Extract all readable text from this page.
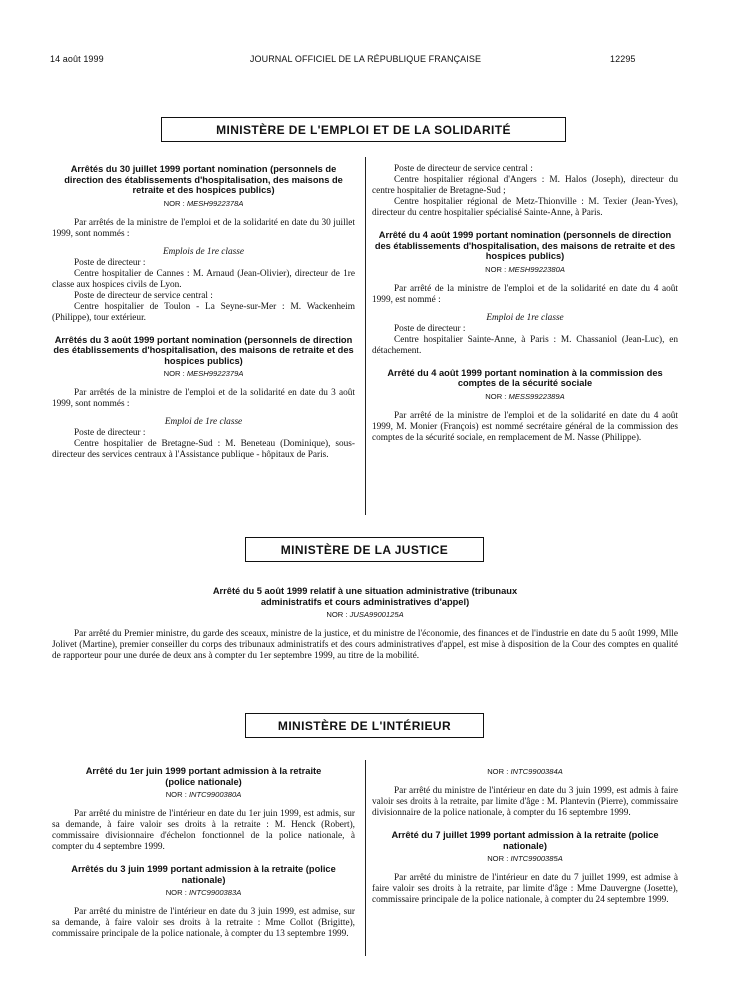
14 août 1999	JOURNAL OFFICIEL DE LA RÉPUBLIQUE FRANÇAISE	12295
MINISTÈRE DE L'EMPLOI ET DE LA SOLIDARITÉ
Arrêtés du 30 juillet 1999 portant nomination (personnels de direction des établissements d'hospitalisation, des maisons de retraite et des hospices publics)
NOR : MESH9922378A

Par arrêtés de la ministre de l'emploi et de la solidarité en date du 30 juillet 1999, sont nommés :

Emplois de 1re classe

Poste de directeur :

Centre hospitalier de Cannes : M. Arnaud (Jean-Olivier), directeur de 1re classe aux hospices civils de Lyon.

Poste de directeur de service central :

Centre hospitalier de Toulon - La Seyne-sur-Mer : M. Wackenheim (Philippe), tour extérieur.

Arrêtés du 3 août 1999 portant nomination (personnels de direction des établissements d'hospitalisation, des maisons de retraite et des hospices publics)
NOR : MESH9922379A

Par arrêtés de la ministre de l'emploi et de la solidarité en date du 3 août 1999, sont nommés :

Emploi de 1re classe

Poste de directeur :

Centre hospitalier de Bretagne-Sud : M. Beneteau (Dominique), sous-directeur des services centraux à l'Assistance publique - hôpitaux de Paris.

Poste de directeur de service central :

Centre hospitalier régional d'Angers : M. Halos (Joseph), directeur du centre hospitalier de Bretagne-Sud ;

Centre hospitalier régional de Metz-Thionville : M. Texier (Jean-Yves), directeur du centre hospitalier spécialisé Sainte-Anne, à Paris.

Arrêté du 4 août 1999 portant nomination (personnels de direction des établissements d'hospitalisation, des maisons de retraite et des hospices publics)
NOR : MESH9922380A

Par arrêté de la ministre de l'emploi et de la solidarité en date du 4 août 1999, est nommé :

Emploi de 1re classe

Poste de directeur :

Centre hospitalier Sainte-Anne, à Paris : M. Chassaniol (Jean-Luc), en détachement.

Arrêté du 4 août 1999 portant nomination à la commission des comptes de la sécurité sociale
NOR : MESS9922389A

Par arrêté de la ministre de l'emploi et de la solidarité en date du 4 août 1999, M. Monier (François) est nommé secrétaire général de la commission des comptes de la sécurité sociale, en remplacement de M. Nasse (Philippe).

MINISTÈRE DE LA JUSTICE
Arrêté du 5 août 1999 relatif à une situation administrative (tribunaux administratifs et cours administratives d'appel)
NOR : JUSA9900125A

Par arrêté du Premier ministre, du garde des sceaux, ministre de la justice, et du ministre de l'économie, des finances et de l'industrie en date du 5 août 1999, Mlle Jolivet (Martine), premier conseiller du corps des tribunaux administratifs et des cours administratives d'appel, est mise à disposition de la Cour des comptes en qualité de rapporteur pour une durée de deux ans à compter du 1er septembre 1999, au titre de la mobilité.

MINISTÈRE DE L'INTÉRIEUR
Arrêté du 1er juin 1999 portant admission à la retraite (police nationale)
NOR : INTC9900380A

Par arrêté du ministre de l'intérieur en date du 1er juin 1999, est admis, sur sa demande, à faire valoir ses droits à la retraite : M. Henck (Robert), commissaire divisionnaire d'échelon fonctionnel de la police nationale, à compter du 4 septembre 1999.

Arrêtés du 3 juin 1999 portant admission à la retraite (police nationale)
NOR : INTC9900383A

Par arrêté du ministre de l'intérieur en date du 3 juin 1999, est admise, sur sa demande, à faire valoir ses droits à la retraite : Mme Collot (Brigitte), commissaire principale de la police nationale, à compter du 13 septembre 1999.

NOR : INTC9900384A

Par arrêté du ministre de l'intérieur en date du 3 juin 1999, est admis à faire valoir ses droits à la retraite, par limite d'âge : M. Plantevin (Pierre), commissaire divisionnaire de la police nationale, à compter du 16 septembre 1999.

Arrêté du 7 juillet 1999 portant admission à la retraite (police nationale)
NOR : INTC9900385A

Par arrêté du ministre de l'intérieur en date du 7 juillet 1999, est admise à faire valoir ses droits à la retraite, par limite d'âge : Mme Dauvergne (Josette), commissaire principale de la police nationale, à compter du 24 septembre 1999.
